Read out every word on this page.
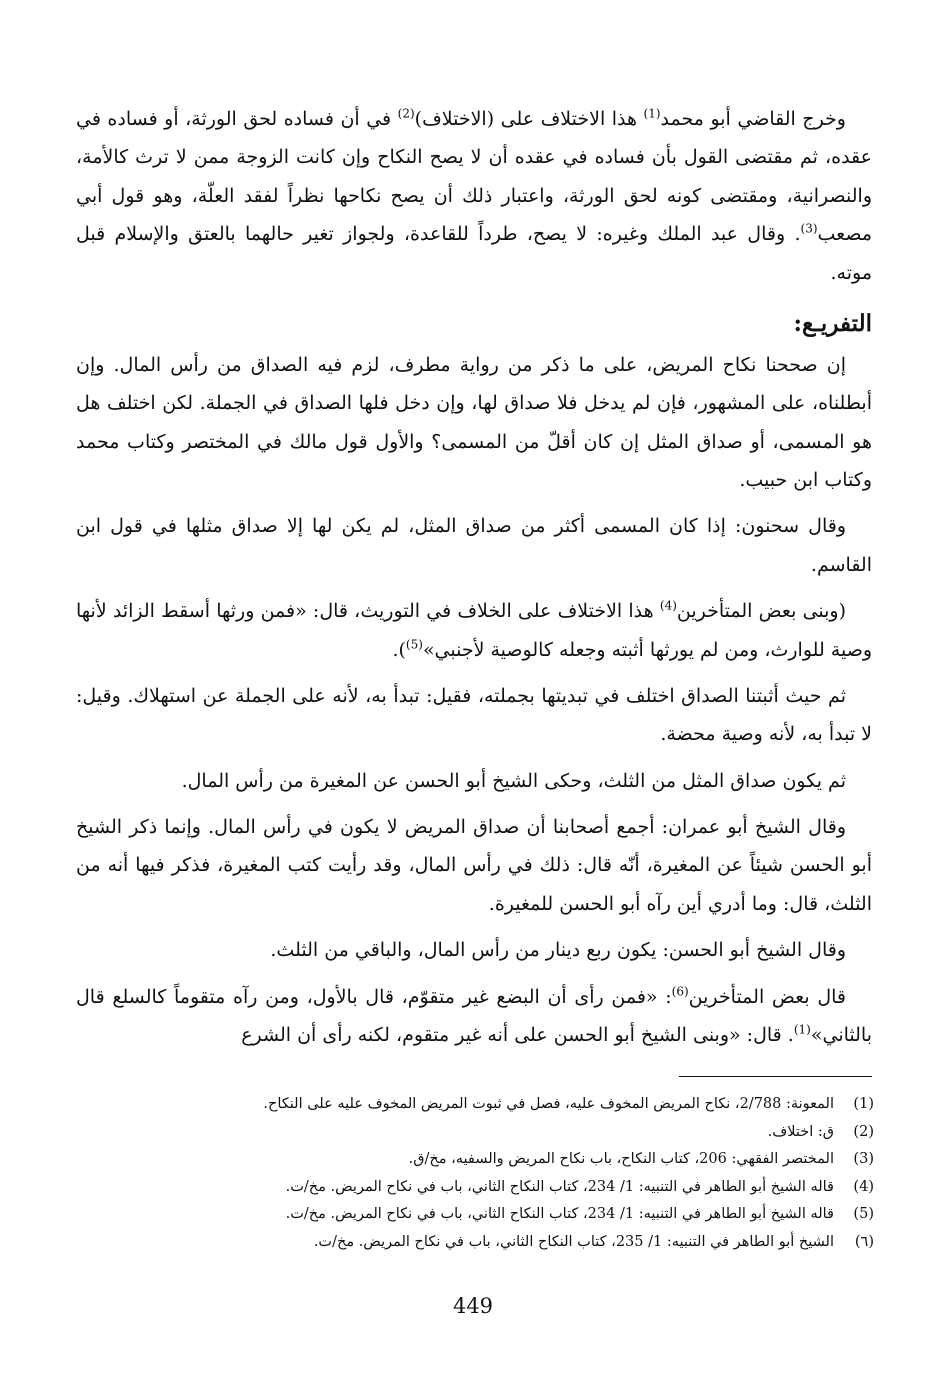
وخرج القاضي أبو محمد$^{(1)}$ هذا الاختلاف على (الاختلاف)$^{(2)}$ في أن فساده لحق الورثة، أو فساده في عقده، ثم مقتضى القول بأن فساده في عقده أن لا يصح النكاح وإن كانت الزوجة ممن لا ترث كالأمة، والنصرانية، ومقتضى كونه لحق الورثة، واعتبار ذلك أن يصح نكاحها نظراً لفقد العلّة، وهو قول أبي مصعب$^{(3)}$. وقال عبد الملك وغيره: لا يصح، طرداً للقاعدة، ولجواز تغير حالهما بالعتق والإسلام قبل موته.

التفريـع:

إن صححنا نكاح المريض، على ما ذكر من رواية مطرف، لزم فيه الصداق من رأس المال. وإن أبطلناه، على المشهور، فإن لم يدخل فلا صداق لها، وإن دخل فلها الصداق في الجملة. لكن اختلف هل هو المسمى، أو صداق المثل إن كان أقلّ من المسمى؟ والأول قول مالك في المختصر وكتاب محمد وكتاب ابن حبيب.

وقال سحنون: إذا كان المسمى أكثر من صداق المثل، لم يكن لها إلا صداق مثلها في قول ابن القاسم.

(وبنى بعض المتأخرين$^{(4)}$ هذا الاختلاف على الخلاف في التوريث، قال: «فمن ورثها أسقط الزائد لأنها وصية للوارث، ومن لم يورثها أثبته وجعله كالوصية لأجنبي»$^{(5)}$).

ثم حيث أثبتنا الصداق اختلف في تبديتها بجملته، فقيل: تبدأ به، لأنه على الجملة عن استهلاك. وقيل: لا تبدأ به، لأنه وصية محضة.

ثم يكون صداق المثل من الثلث، وحكى الشيخ أبو الحسن عن المغيرة من رأس المال.

وقال الشيخ أبو عمران: أجمع أصحابنا أن صداق المريض لا يكون في رأس المال. وإنما ذكر الشيخ أبو الحسن شيئاً عن المغيرة، أنّه قال: ذلك في رأس المال، وقد رأيت كتب المغيرة، فذكر فيها أنه من الثلث، قال: وما أدري أين رآه أبو الحسن للمغيرة.

وقال الشيخ أبو الحسن: يكون ربع دينار من رأس المال، والباقي من الثلث.

قال بعض المتأخرين$^{(6)}$: «فمن رأى أن البضع غير متقوّم، قال بالأول، ومن رآه متقوماً كالسلع قال بالثاني»$^{(1)}$. قال: «وبنى الشيخ أبو الحسن على أنه غير متقوم، لكنه رأى أن الشرع

(1)
المعونة: 2/788، نكاح المريض المخوف عليه، فصل في ثبوت المريض المخوف عليه على النكاح.
(2)
ق: اختلاف.
(3)
المختصر الفقهي: 206، كتاب النكاح، باب نكاح المريض والسفيه، مخ/ق.
(4)
قاله الشيخ أبو الطاهر في التنبيه: 1/ 234، كتاب النكاح الثاني، باب في نكاح المريض. مخ/ت.
(5)
قاله الشيخ أبو الطاهر في التنبيه: 1/ 234، كتاب النكاح الثاني، باب في نكاح المريض. مخ/ت.
(٦)
الشيخ أبو الطاهر في التنبيه: 1/ 235، كتاب النكاح الثاني، باب في نكاح المريض. مخ/ت.
449
